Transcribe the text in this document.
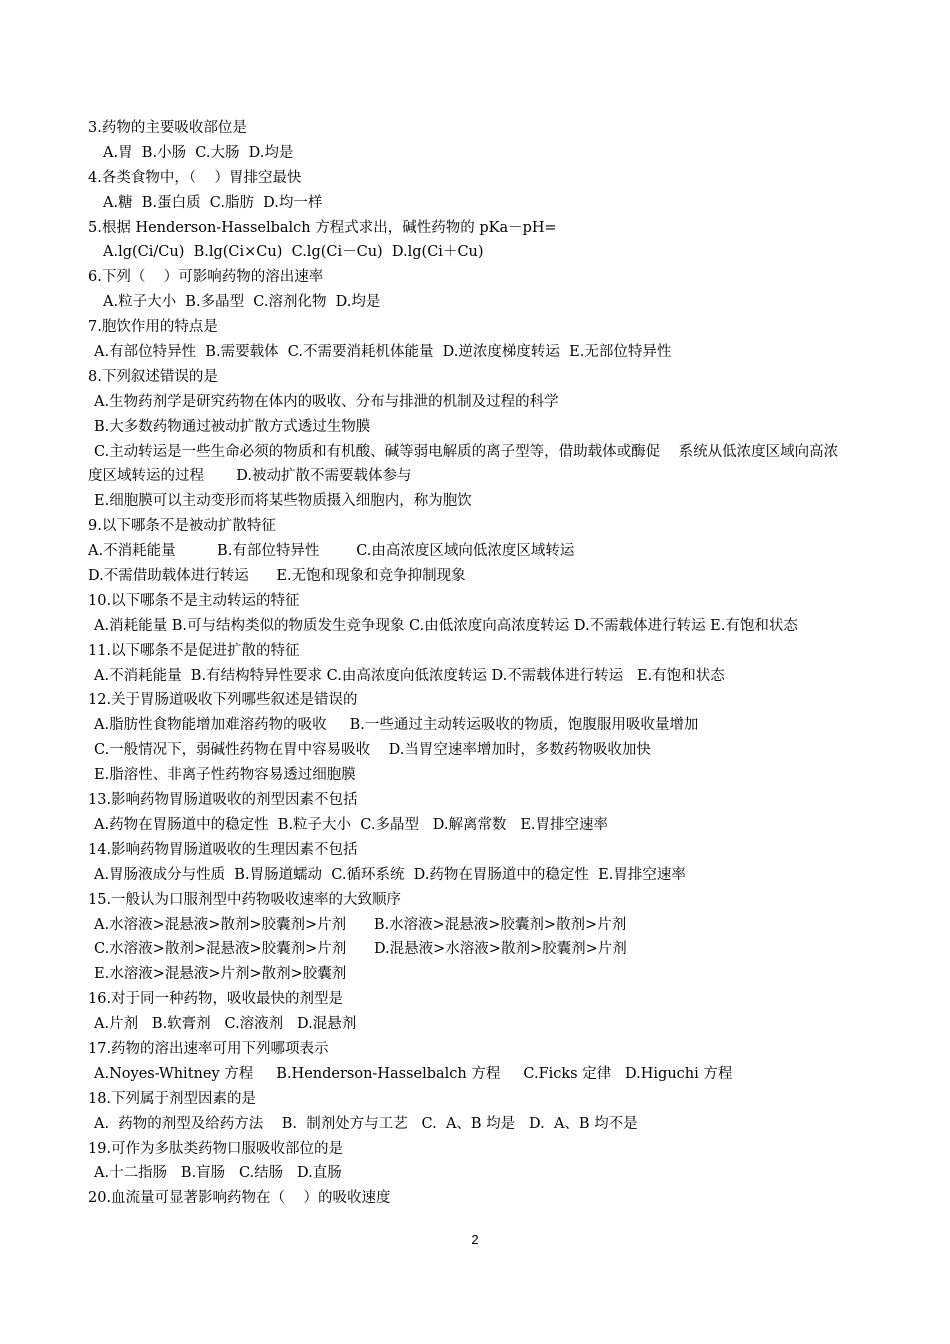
3.药物的主要吸收部位是
A.胃  B.小肠  C.大肠  D.均是
4.各类食物中，（    ）胃排空最快
A.糖  B.蛋白质  C.脂肪  D.均一样
5.根据 Henderson-Hasselbalch 方程式求出，碱性药物的 pKa－pH=
A.lg(Ci/Cu)  B.lg(Ci×Cu)  C.lg(Ci－Cu)  D.lg(Ci＋Cu)
6.下列（    ）可影响药物的溶出速率
A.粒子大小  B.多晶型  C.溶剂化物  D.均是
7.胞饮作用的特点是
A.有部位特异性  B.需要载体  C.不需要消耗机体能量  D.逆浓度梯度转运  E.无部位特异性
8.下列叙述错误的是
A.生物药剂学是研究药物在体内的吸收、分布与排泄的机制及过程的科学
B.大多数药物通过被动扩散方式透过生物膜
C.主动转运是一些生命必须的物质和有机酸、碱等弱电解质的离子型等，借助载体或酶促    系统从低浓度区域向高浓
度区域转运的过程       D.被动扩散不需要载体参与
E.细胞膜可以主动变形而将某些物质摄入细胞内，称为胞饮
9.以下哪条不是被动扩散特征
A.不消耗能量         B.有部位特异性        C.由高浓度区域向低浓度区域转运
D.不需借助载体进行转运      E.无饱和现象和竞争抑制现象
10.以下哪条不是主动转运的特征
A.消耗能量 B.可与结构类似的物质发生竞争现象 C.由低浓度向高浓度转运 D.不需载体进行转运 E.有饱和状态
11.以下哪条不是促进扩散的特征
A.不消耗能量  B.有结构特异性要求 C.由高浓度向低浓度转运 D.不需载体进行转运   E.有饱和状态
12.关于胃肠道吸收下列哪些叙述是错误的
A.脂肪性食物能增加难溶药物的吸收     B.一些通过主动转运吸收的物质，饱腹服用吸收量增加
C.一般情况下，弱碱性药物在胃中容易吸收    D.当胃空速率增加时，多数药物吸收加快
E.脂溶性、非离子性药物容易透过细胞膜
13.影响药物胃肠道吸收的剂型因素不包括
A.药物在胃肠道中的稳定性  B.粒子大小  C.多晶型   D.解离常数   E.胃排空速率
14.影响药物胃肠道吸收的生理因素不包括
A.胃肠液成分与性质  B.胃肠道蠕动  C.循环系统  D.药物在胃肠道中的稳定性  E.胃排空速率
15.一般认为口服剂型中药物吸收速率的大致顺序
A.水溶液>混悬液>散剂>胶囊剂>片剂      B.水溶液>混悬液>胶囊剂>散剂>片剂
C.水溶液>散剂>混悬液>胶囊剂>片剂      D.混悬液>水溶液>散剂>胶囊剂>片剂
E.水溶液>混悬液>片剂>散剂>胶囊剂
16.对于同一种药物，吸收最快的剂型是
A.片剂   B.软膏剂   C.溶液剂   D.混悬剂
17.药物的溶出速率可用下列哪项表示
A.Noyes-Whitney 方程     B.Henderson-Hasselbalch 方程     C.Ficks 定律   D.Higuchi 方程
18.下列属于剂型因素的是
A.  药物的剂型及给药方法    B.  制剂处方与工艺   C.  A、B 均是   D.  A、B 均不是
19.可作为多肽类药物口服吸收部位的是
A.十二指肠   B.盲肠   C.结肠   D.直肠
20.血流量可显著影响药物在（    ）的吸收速度
2
